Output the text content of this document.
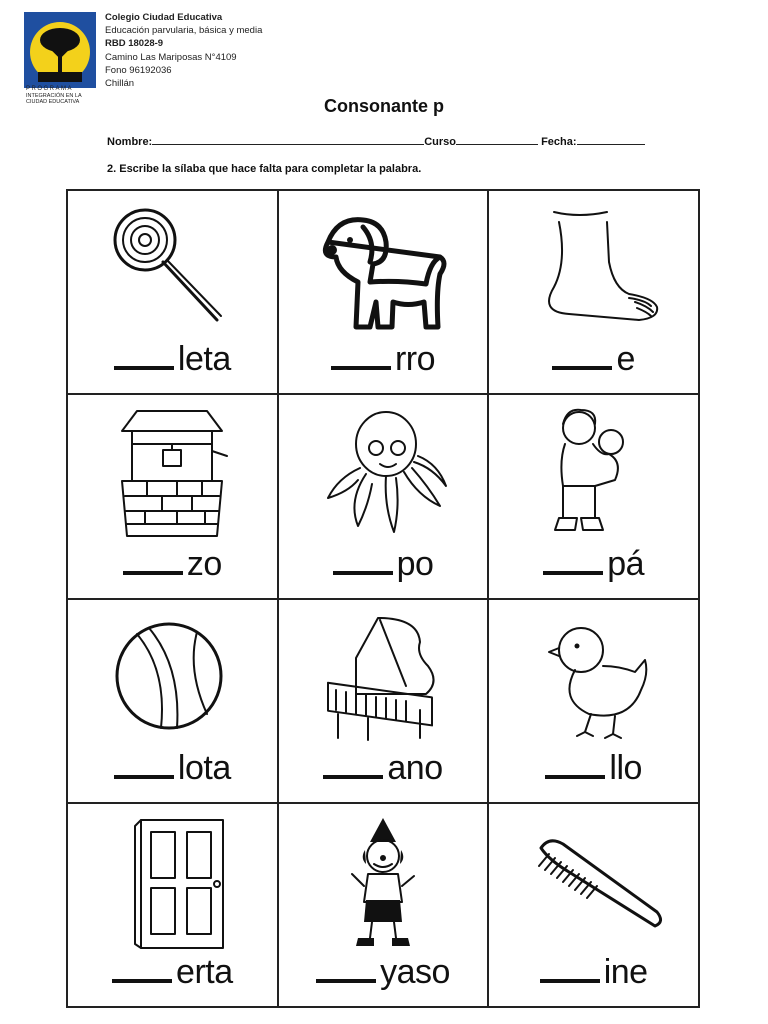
PROGRAMA
INTEGRACIÓN EN LA CIUDAD EDUCATIVA
Colegio Ciudad Educativa
Educación parvularia, básica y media
RBD 18028-9
Camino Las Mariposas N°4109
Fono 96192036
Chillán
Consonante p
Nombre:	Curso	Fecha:
2. Escribe la sílaba que hace falta para completar la palabra.
leta	rro	e
zo	po	pá
lota	ano	llo
erta	yaso	ine
